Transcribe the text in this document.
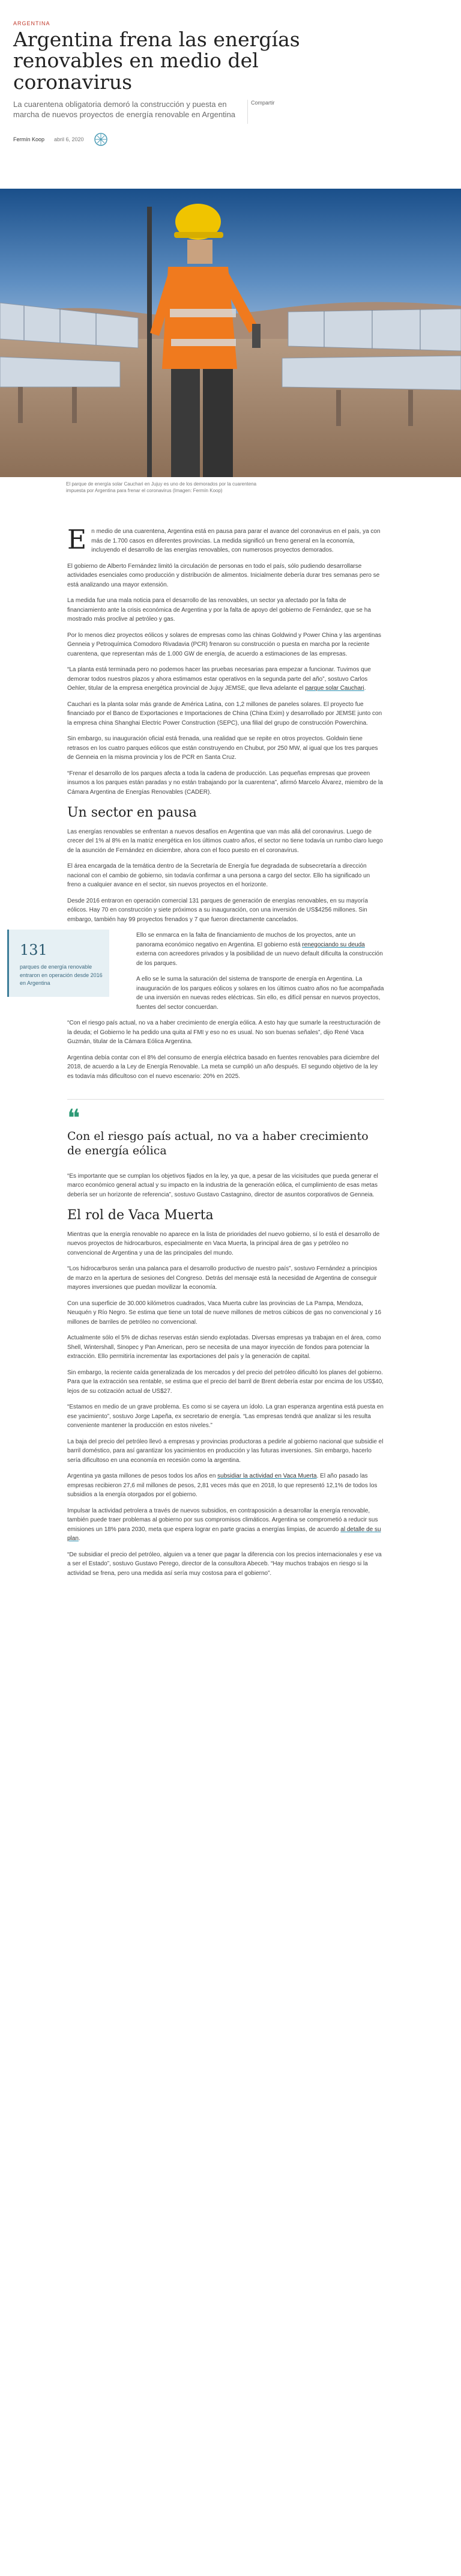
ARGENTINA
Argentina frena las energías renovables en medio del coronavirus

La cuarentena obligatoria demoró la construcción y puesta en marcha de nuevos proyectos de energía renovable en Argentina

Compartir
Fermín Koop abril 6, 2020

El parque de energía solar Cauchari en Jujuy es uno de los demorados por la cuarentena impuesta por Argentina para frenar el coronavirus (Imagen: Fermín Koop)

En medio de una cuarentena, Argentina está en pausa para parar el avance del coronavirus en el país, ya con más de 1.700 casos en diferentes provincias. La medida significó un freno general en la economía, incluyendo el desarrollo de las energías renovables, con numerosos proyectos demorados.

El gobierno de Alberto Fernández limitó la circulación de personas en todo el país, sólo pudiendo desarrollarse actividades esenciales como producción y distribución de alimentos. Inicialmente debería durar tres semanas pero se está analizando una mayor extensión.

La medida fue una mala noticia para el desarrollo de las renovables, un sector ya afectado por la falta de financiamiento ante la crisis económica de Argentina y por la falta de apoyo del gobierno de Fernández, que se ha mostrado más proclive al petróleo y gas.

Por lo menos diez proyectos eólicos y solares de empresas como las chinas Goldwind y Power China y las argentinas Genneia y Petroquímica Comodoro Rivadavia (PCR) frenaron su construcción o puesta en marcha por la reciente cuarentena, que representan más de 1.000 GW de energía, de acuerdo a estimaciones de las empresas.

“La planta está terminada pero no podemos hacer las pruebas necesarias para empezar a funcionar. Tuvimos que demorar todos nuestros plazos y ahora estimamos estar operativos en la segunda parte del año”, sostuvo Carlos Oehler, titular de la empresa energética provincial de Jujuy JEMSE, que lleva adelante el parque solar Cauchari.

Cauchari es la planta solar más grande de América Latina, con 1,2 millones de paneles solares. El proyecto fue financiado por el Banco de Exportaciones e Importaciones de China (China Exim) y desarrollado por JEMSE junto con la empresa china Shanghai Electric Power Construction (SEPC), una filial del grupo de construcción Powerchina.

Sin embargo, su inauguración oficial está frenada, una realidad que se repite en otros proyectos. Goldwin tiene retrasos en los cuatro parques eólicos que están construyendo en Chubut, por 250 MW, al igual que los tres parques de Genneia en la misma provincia y los de PCR en Santa Cruz.

“Frenar el desarrollo de los parques afecta a toda la cadena de producción. Las pequeñas empresas que proveen insumos a los parques están paradas y no están trabajando por la cuarentena”, afirmó Marcelo Álvarez, miembro de la Cámara Argentina de Energías Renovables (CADER).

Un sector en pausa

Las energías renovables se enfrentan a nuevos desafíos en Argentina que van más allá del coronavirus. Luego de crecer del 1% al 8% en la matriz energética en los últimos cuatro años, el sector no tiene todavía un rumbo claro luego de la asunción de Fernández en diciembre, ahora con el foco puesto en el coronavirus.

El área encargada de la temática dentro de la Secretaría de Energía fue degradada de subsecretaría a dirección nacional con el cambio de gobierno, sin todavía confirmar a una persona a cargo del sector. Ello ha significado un freno a cualquier avance en el sector, sin nuevos proyectos en el horizonte.

Desde 2016 entraron en operación comercial 131 parques de generación de energías renovables, en su mayoría eólicos. Hay 70 en construcción y siete próximos a su inauguración, con una inversión de US$4256 millones. Sin embargo, también hay 99 proyectos frenados y 7 que fueron directamente cancelados.

131
parques de energía renovable entraron en operación desde 2016 en Argentina

Ello se enmarca en la falta de financiamiento de muchos de los proyectos, ante un panorama económico negativo en Argentina. El gobierno está renegociando su deuda externa con acreedores privados y la posibilidad de un nuevo default dificulta la construcción de los parques.

A ello se le suma la saturación del sistema de transporte de energía en Argentina. La inauguración de los parques eólicos y solares en los últimos cuatro años no fue acompañada de una inversión en nuevas redes eléctricas. Sin ello, es difícil pensar en nuevos proyectos, fuentes del sector concuerdan.

“Con el riesgo país actual, no va a haber crecimiento de energía eólica. A esto hay que sumarle la reestructuración de la deuda; el Gobierno le ha pedido una quita al FMI y eso no es usual. No son buenas señales”, dijo René Vaca Guzmán, titular de la Cámara Eólica Argentina.

Argentina debía contar con el 8% del consumo de energía eléctrica basado en fuentes renovables para diciembre del 2018, de acuerdo a la Ley de Energía Renovable. La meta se cumplió un año después. El segundo objetivo de la ley es todavía más dificultoso con el nuevo escenario: 20% en 2025.

❝
Con el riesgo país actual, no va a haber crecimiento de energía eólica

“Es importante que se cumplan los objetivos fijados en la ley, ya que, a pesar de las vicisitudes que pueda generar el marco económico general actual y su impacto en la industria de la generación eólica, el cumplimiento de esas metas debería ser un horizonte de referencia”, sostuvo Gustavo Castagnino, director de asuntos corporativos de Genneia.

El rol de Vaca Muerta

Mientras que la energía renovable no aparece en la lista de prioridades del nuevo gobierno, sí lo está el desarrollo de nuevos proyectos de hidrocarburos, especialmente en Vaca Muerta, la principal área de gas y petróleo no convencional de Argentina y una de las principales del mundo.

“Los hidrocarburos serán una palanca para el desarrollo productivo de nuestro país”, sostuvo Fernández a principios de marzo en la apertura de sesiones del Congreso. Detrás del mensaje está la necesidad de Argentina de conseguir mayores inversiones que puedan movilizar la economía.

Con una superficie de 30.000 kilómetros cuadrados, Vaca Muerta cubre las provincias de La Pampa, Mendoza, Neuquén y Río Negro. Se estima que tiene un total de nueve millones de metros cúbicos de gas no convencional y 16 millones de barriles de petróleo no convencional.

Actualmente sólo el 5% de dichas reservas están siendo explotadas. Diversas empresas ya trabajan en el área, como Shell, Wintershall, Sinopec y Pan American, pero se necesita de una mayor inyección de fondos para potenciar la extracción. Ello permitiría incrementar las exportaciones del país y la generación de capital.

Sin embargo, la reciente caída generalizada de los mercados y del precio del petróleo dificultó los planes del gobierno. Para que la extracción sea rentable, se estima que el precio del barril de Brent debería estar por encima de los US$40, lejos de su cotización actual de US$27.

“Estamos en medio de un grave problema. Es como si se cayera un ídolo. La gran esperanza argentina está puesta en ese yacimiento”, sostuvo Jorge Lapeña, ex secretario de energía. “Las empresas tendrá que analizar si les resulta conveniente mantener la producción en estos niveles.”

La baja del precio del petróleo llevó a empresas y provincias productoras a pedirle al gobierno nacional que subsidie el barril doméstico, para así garantizar los yacimientos en producción y las futuras inversiones. Sin embargo, hacerlo sería dificultoso en una economía en recesión como la argentina.

Argentina ya gasta millones de pesos todos los años en subsidiar la actividad en Vaca Muerta. El año pasado las empresas recibieron 27,6 mil millones de pesos, 2,81 veces más que en 2018, lo que representó 12,1% de todos los subsidios a la energía otorgados por el gobierno.

Impulsar la actividad petrolera a través de nuevos subsidios, en contraposición a desarrollar la energía renovable, también puede traer problemas al gobierno por sus compromisos climáticos. Argentina se comprometió a reducir sus emisiones un 18% para 2030, meta que espera lograr en parte gracias a energías limpias, de acuerdo al detalle de su plan.

“De subsidiar el precio del petróleo, alguien va a tener que pagar la diferencia con los precios internacionales y ese va a ser el Estado”, sostuvo Gustavo Perego, director de la consultora Abeceb. “Hay muchos trabajos en riesgo si la actividad se frena, pero una medida así sería muy costosa para el gobierno”.
